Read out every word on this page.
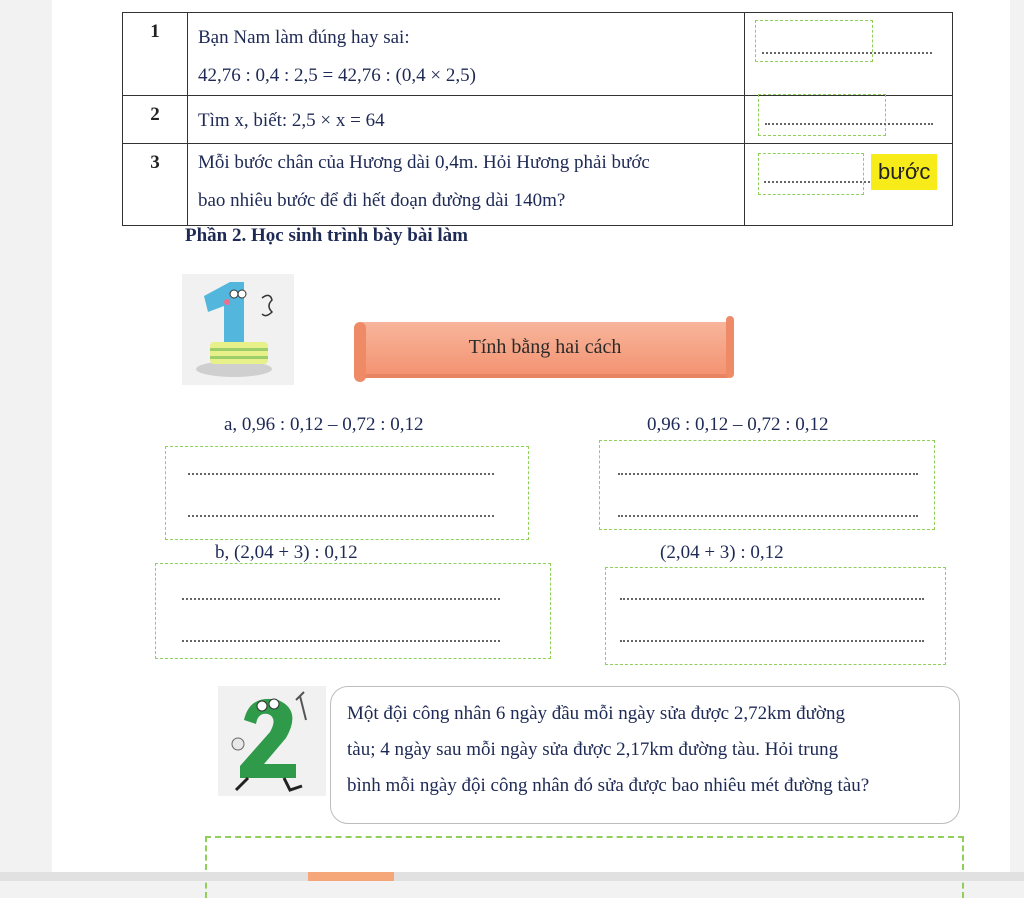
1	Bạn Nam làm đúng hay sai:
42,76 : 0,4 : 2,5 = 42,76 : (0,4 × 2,5)	

2	Tìm x, biết: 2,5 × x = 64	

3	Mỗi bước chân của Hương dài 0,4m. Hỏi Hương phải bước
bao nhiêu bước để đi hết đoạn đường dài 140m?	

bước
Phần 2. Học sinh trình bày bài làm
Tính bằng hai cách
a, 0,96 : 0,12 – 0,72 : 0,12	0,96 : 0,12 – 0,72 : 0,12
b, (2,04 + 3) : 0,12	(2,04 + 3) : 0,12
Một đội công nhân 6 ngày đầu mỗi ngày sửa được 2,72km đường
tàu; 4 ngày sau mỗi ngày sửa được 2,17km đường tàu. Hỏi trung
bình mỗi ngày đội công nhân đó sửa được bao nhiêu mét đường tàu?
